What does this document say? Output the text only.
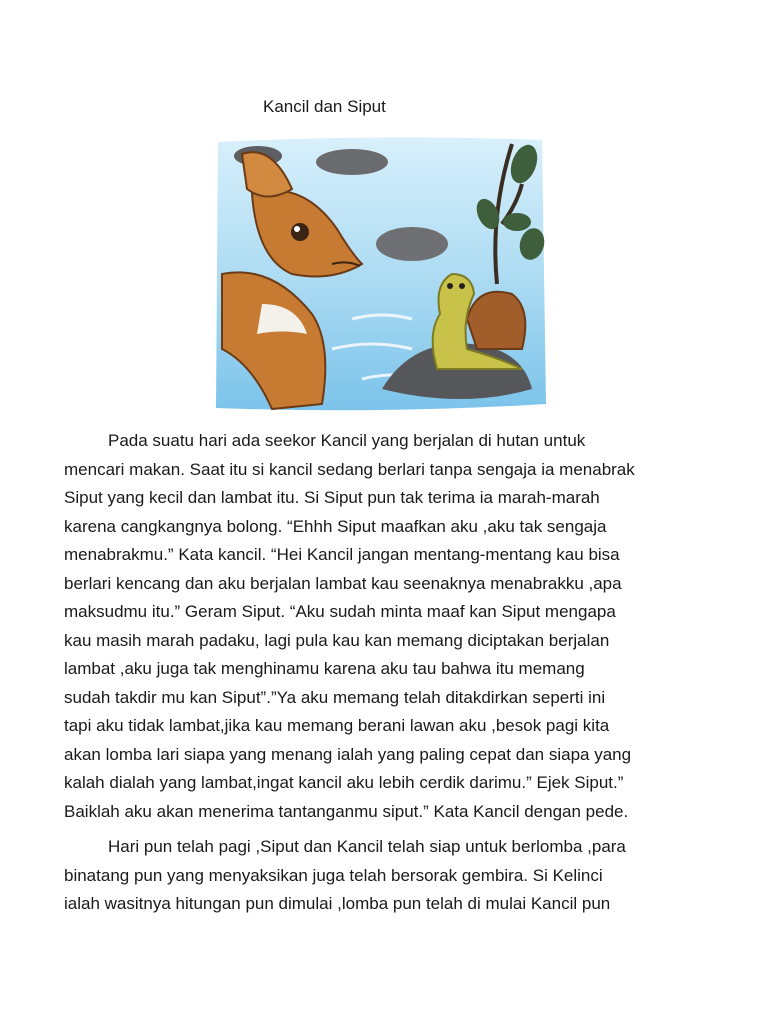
Kancil dan Siput
Pada suatu hari ada seekor Kancil yang berjalan di hutan untuk
mencari makan. Saat itu si kancil sedang berlari tanpa sengaja ia menabrak
Siput yang kecil dan lambat itu. Si Siput pun tak terima ia marah-marah
karena cangkangnya bolong. “Ehhh Siput maafkan aku ,aku tak sengaja
menabrakmu.” Kata kancil. “Hei Kancil jangan mentang-mentang kau bisa
berlari kencang dan aku berjalan lambat kau seenaknya menabrakku ,apa
maksudmu itu.” Geram Siput. “Aku sudah minta maaf kan Siput mengapa
kau masih marah padaku, lagi pula kau kan memang diciptakan berjalan
lambat ,aku juga tak menghinamu karena aku tau bahwa itu memang
sudah takdir mu kan Siput”.”Ya aku memang telah ditakdirkan seperti ini
tapi aku tidak lambat,jika kau memang berani lawan aku ,besok pagi kita
akan lomba lari siapa yang menang ialah yang paling cepat dan siapa yang
kalah dialah yang lambat,ingat kancil aku lebih cerdik darimu.” Ejek Siput.”
Baiklah aku akan menerima tantanganmu siput.” Kata Kancil dengan pede.
Hari pun telah pagi ,Siput dan Kancil telah siap untuk berlomba ,para
binatang pun yang menyaksikan juga telah bersorak gembira. Si Kelinci
ialah wasitnya hitungan pun dimulai ,lomba pun telah di mulai Kancil pun
